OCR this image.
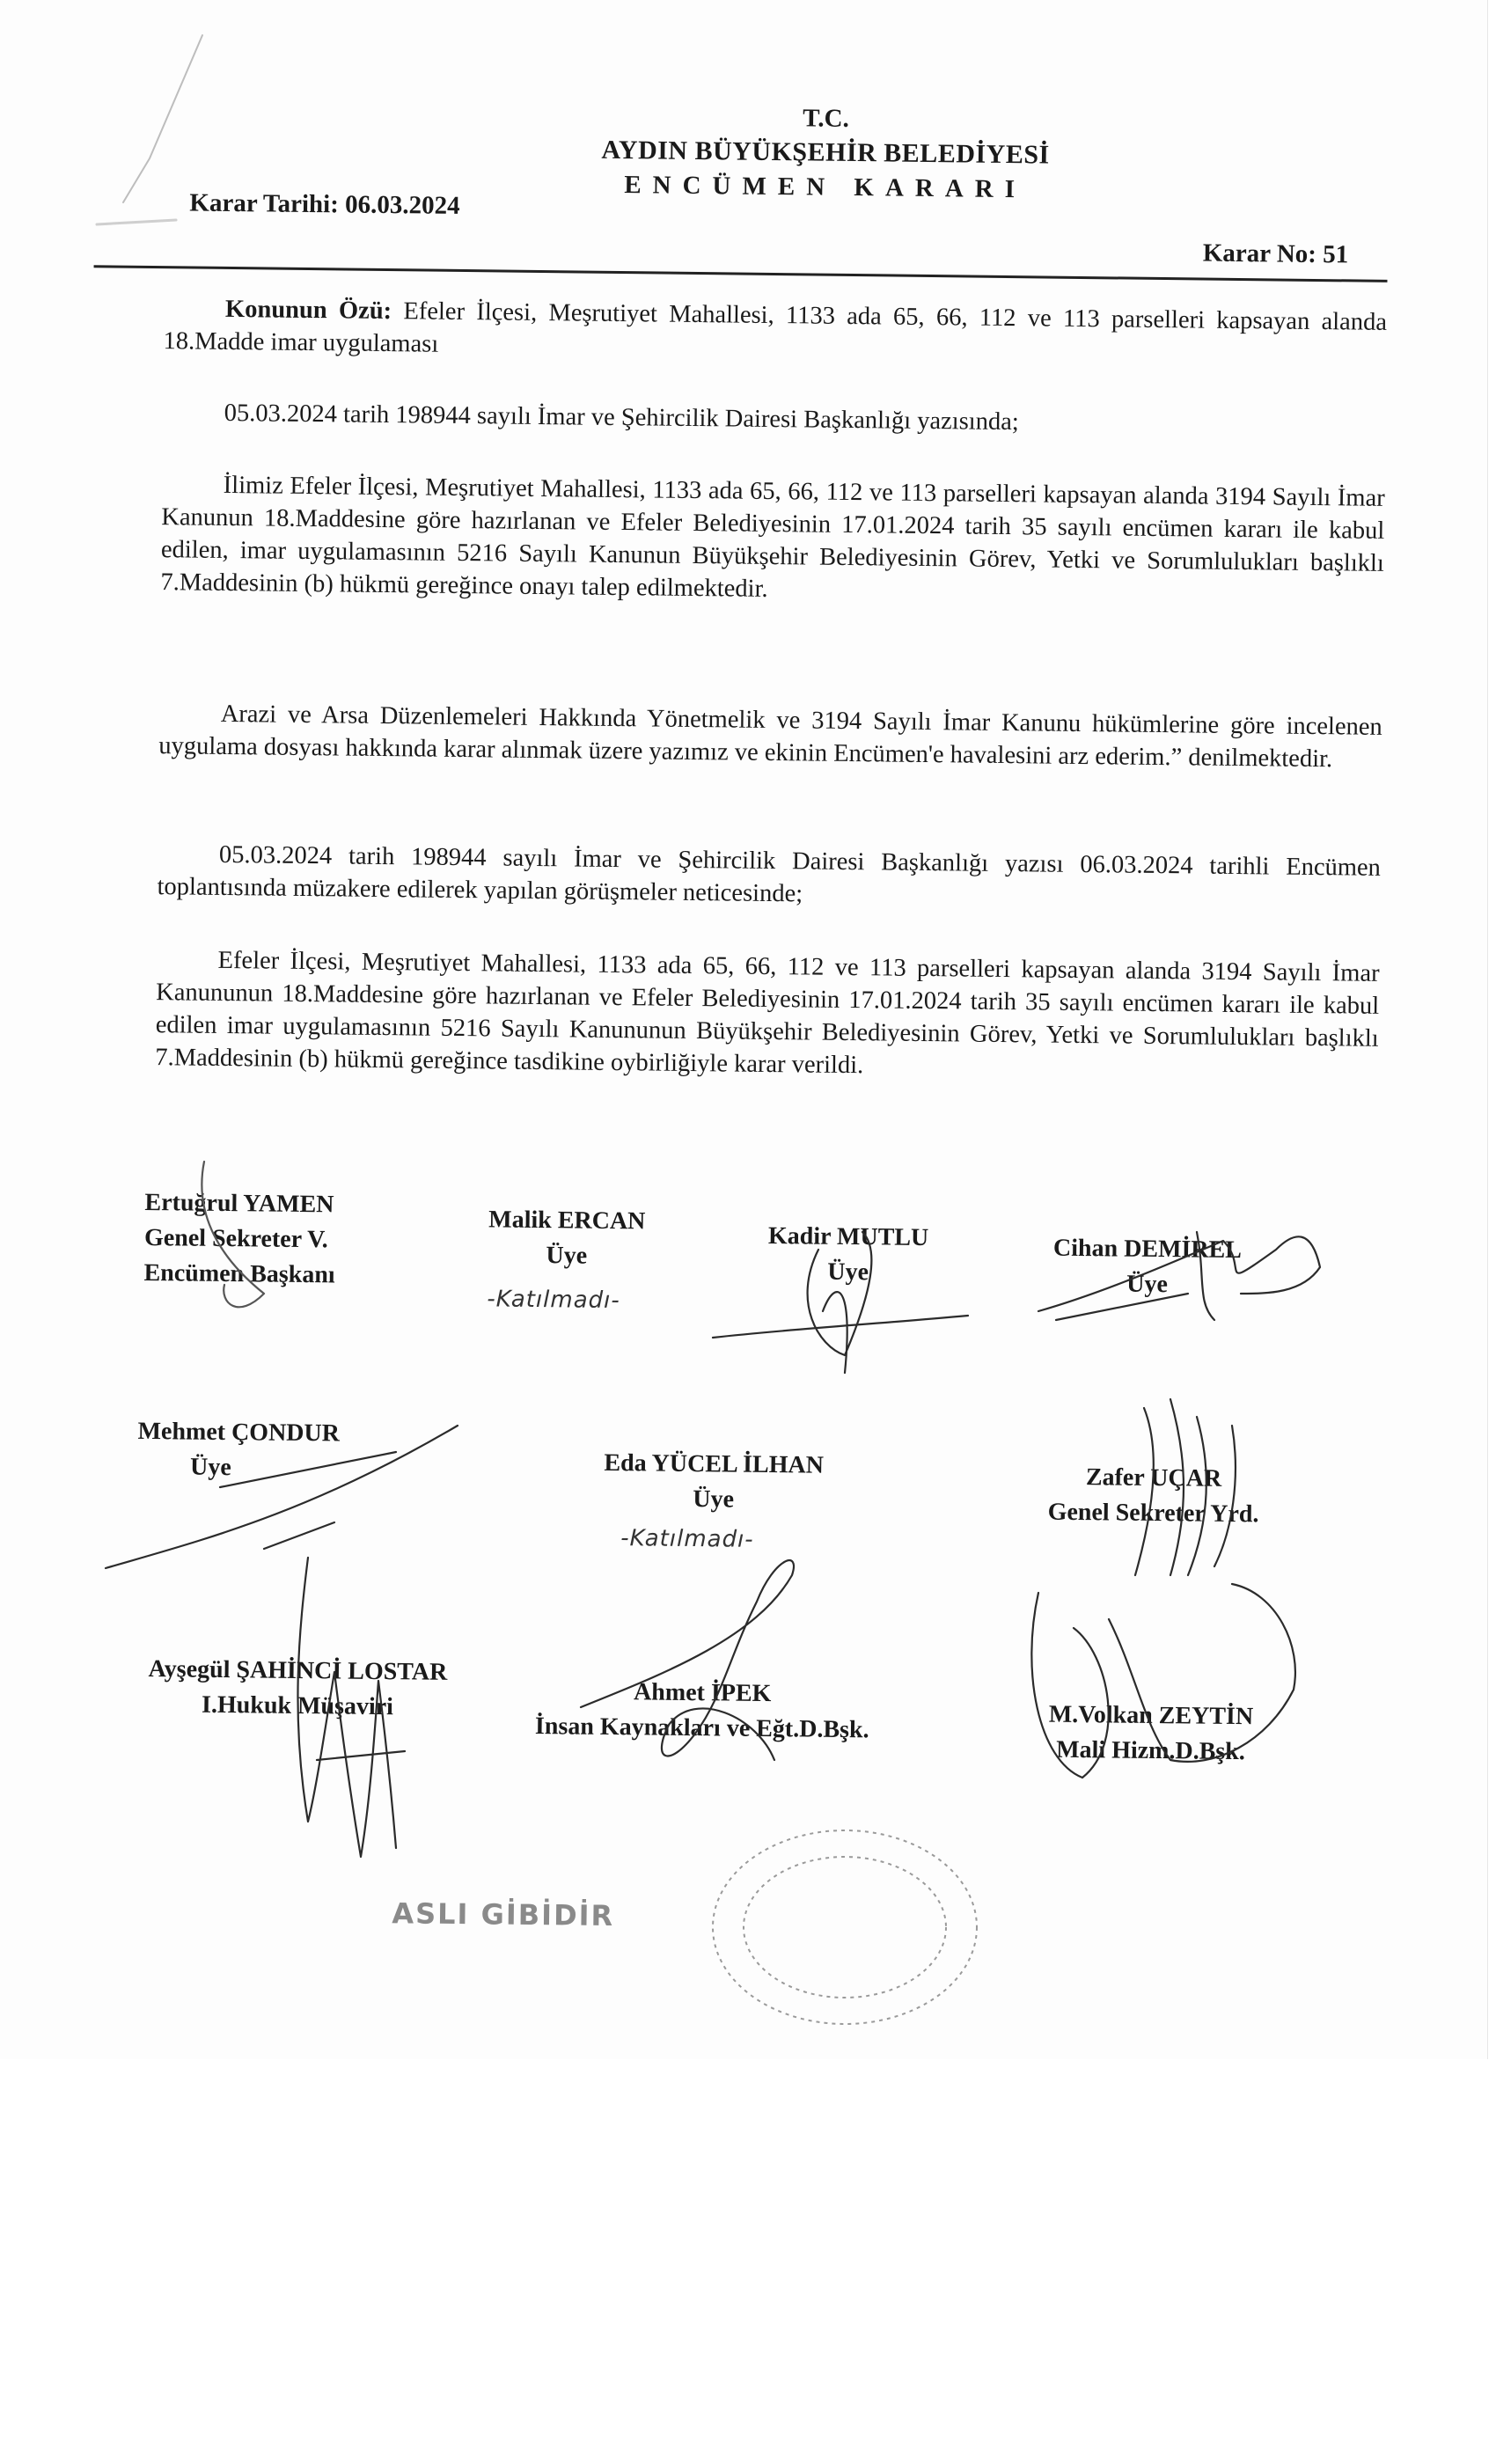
T.C.
AYDIN BÜYÜKŞEHİR BELEDİYESİ
ENCÜMEN KARARI
Karar Tarihi: 06.03.2024
Karar No: 51
Konunun Özü: Efeler İlçesi, Meşrutiyet Mahallesi, 1133 ada 65, 66, 112 ve 113 parselleri kapsayan alanda 18.Madde imar uygulaması
05.03.2024 tarih 198944 sayılı İmar ve Şehircilik Dairesi Başkanlığı yazısında;
İlimiz Efeler İlçesi, Meşrutiyet Mahallesi, 1133 ada 65, 66, 112 ve 113 parselleri kapsayan alanda 3194 Sayılı İmar Kanunun 18.Maddesine göre hazırlanan ve Efeler Belediyesinin 17.01.2024 tarih 35 sayılı encümen kararı ile kabul edilen, imar uygulamasının 5216 Sayılı Kanunun Büyükşehir Belediyesinin Görev, Yetki ve Sorumlulukları başlıklı 7.Maddesinin (b) hükmü gereğince onayı talep edilmektedir.
Arazi ve Arsa Düzenlemeleri Hakkında Yönetmelik ve 3194 Sayılı İmar Kanunu hükümlerine göre incelenen uygulama dosyası hakkında karar alınmak üzere yazımız ve ekinin Encümen'e havalesini arz ederim.” denilmektedir.
05.03.2024 tarih 198944 sayılı İmar ve Şehircilik Dairesi Başkanlığı yazısı 06.03.2024 tarihli Encümen toplantısında müzakere edilerek yapılan görüşmeler neticesinde;
Efeler İlçesi, Meşrutiyet Mahallesi, 1133 ada 65, 66, 112 ve 113 parselleri kapsayan alanda 3194 Sayılı İmar Kanununun 18.Maddesine göre hazırlanan ve Efeler Belediyesinin 17.01.2024 tarih 35 sayılı encümen kararı ile kabul edilen imar uygulamasının 5216 Sayılı Kanununun Büyükşehir Belediyesinin Görev, Yetki ve Sorumlulukları başlıklı 7.Maddesinin (b) hükmü gereğince tasdikine oybirliğiyle karar verildi.
Ertuğrul YAMEN
Genel Sekreter V.
Encümen Başkanı
Malik ERCAN
Üye
-Katılmadı-
Kadir MUTLU
Üye
Cihan DEMİREL
Üye
Mehmet ÇONDUR
Üye	Eda YÜCEL İLHAN
Üye
-Katılmadı-
Zafer UÇAR
Genel Sekreter Yrd.
Ayşegül ŞAHİNCİ LOSTAR
I.Hukuk Müşaviri	Ahmet İPEK
İnsan Kaynakları ve Eğt.D.Bşk.	M.Volkan ZEYTİN
Mali Hizm.D.Bşk.
ASLI GİBİDİR
